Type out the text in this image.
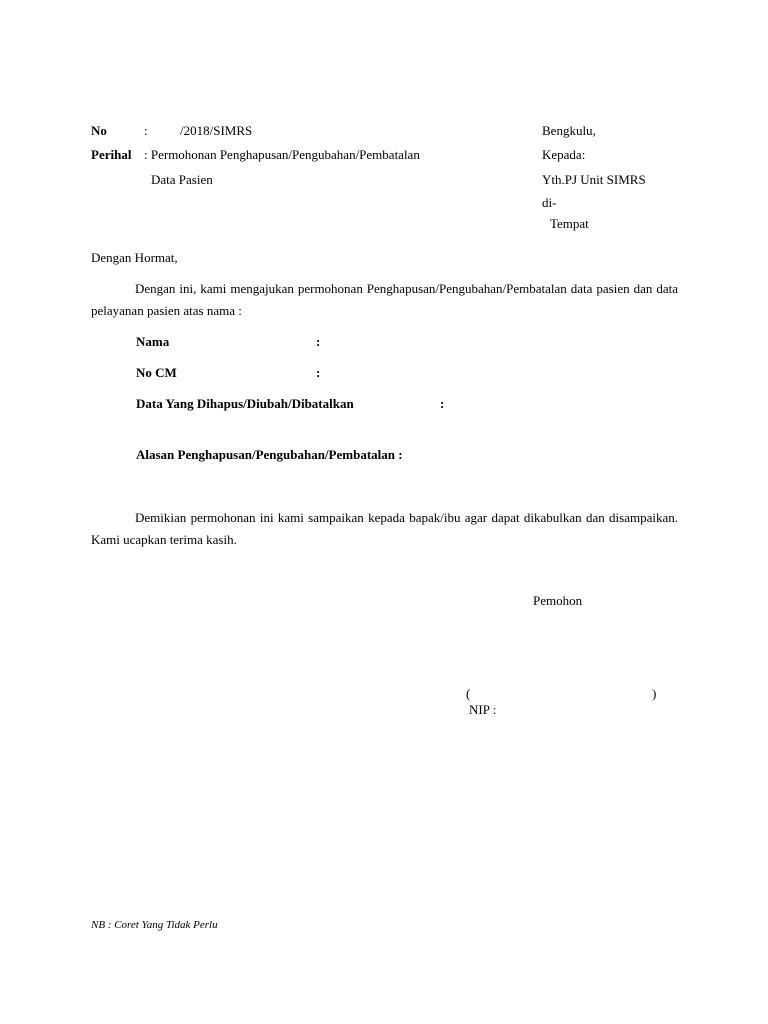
No	: /2018/SIMRS
Perihal : Permohonan Penghapusan/Pengubahan/Pembatalan
Data Pasien
Bengkulu,
Kepada:
Yth.PJ Unit SIMRS
di-
Tempat
Dengan Hormat,
Dengan ini, kami mengajukan permohonan Penghapusan/Pengubahan/Pembatalan data pasien dan data pelayanan pasien atas nama :
Nama	:
No CM	:
Data Yang Dihapus/Diubah/Dibatalkan	:
Alasan Penghapusan/Pengubahan/Pembatalan :
Demikian permohonan ini kami sampaikan kepada bapak/ibu agar dapat dikabulkan dan disampaikan. Kami ucapkan terima kasih.
Pemohon
(	)
NIP :
NB : Coret Yang Tidak Perlu
